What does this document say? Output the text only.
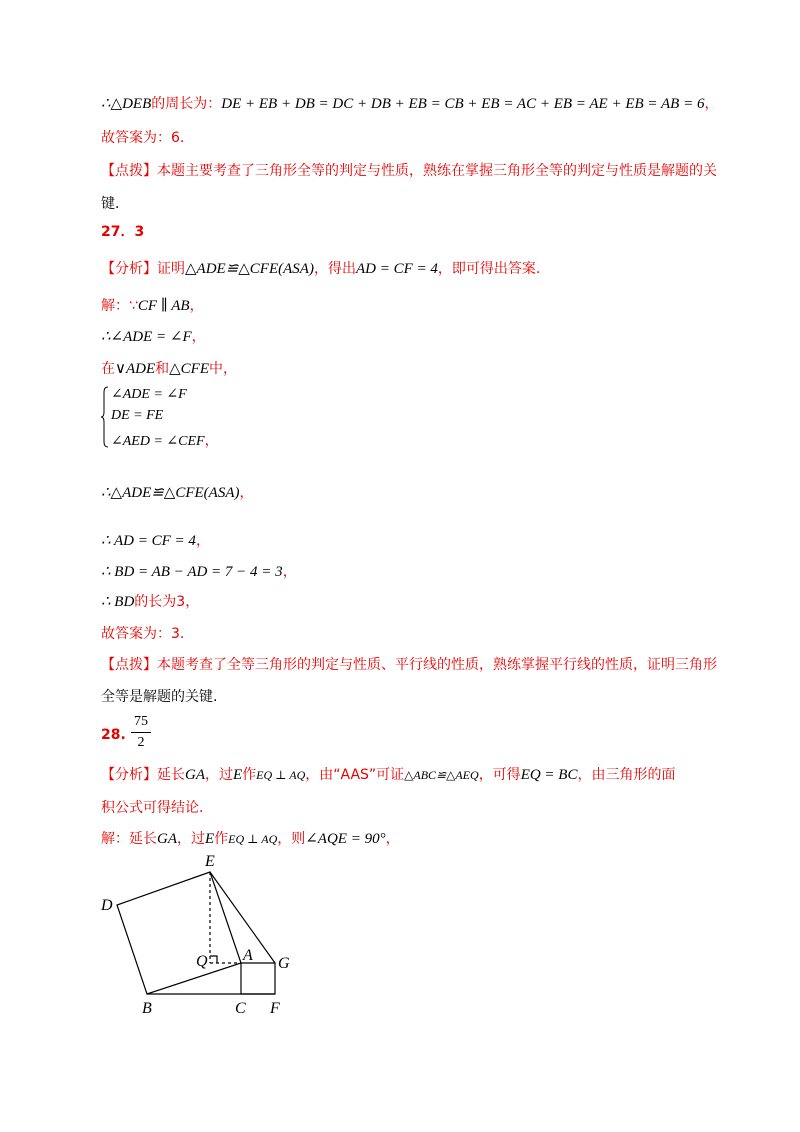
∴△DEB的周长为：DE + EB + DB = DC + DB + EB = CB + EB = AC + EB = AE + EB = AB = 6，
故答案为：6.
【点拨】本题主要考查了三角形全等的判定与性质，熟练在掌握三角形全等的判定与性质是解题的关
键.
27．3
【分析】证明△ADE≌△CFE(ASA)，得出AD = CF = 4，即可得出答案.
解：∵CF ∥ AB，
∴∠ADE = ∠F，
在∨ADE和△CFE中，
∠ADE = ∠F
DE = FE
∠AED = ∠CEF，
∴△ADE≌△CFE(ASA)，
∴ AD = CF = 4，
∴ BD = AB − AD = 7 − 4 = 3，
∴ BD的长为3，
故答案为：3.
【点拨】本题考查了全等三角形的判定与性质、平行线的性质，熟练掌握平行线的性质，证明三角形
全等是解题的关键.
28.
75
2
【分析】延长GA，过E作EQ ⊥ AQ，由“AAS”可证△ABC≌△AEQ，可得EQ = BC，由三角形的面
积公式可得结论.
解：延长GA，过E作EQ ⊥ AQ，则∠AQE = 90°，
E
D
Q A G
B	C F
